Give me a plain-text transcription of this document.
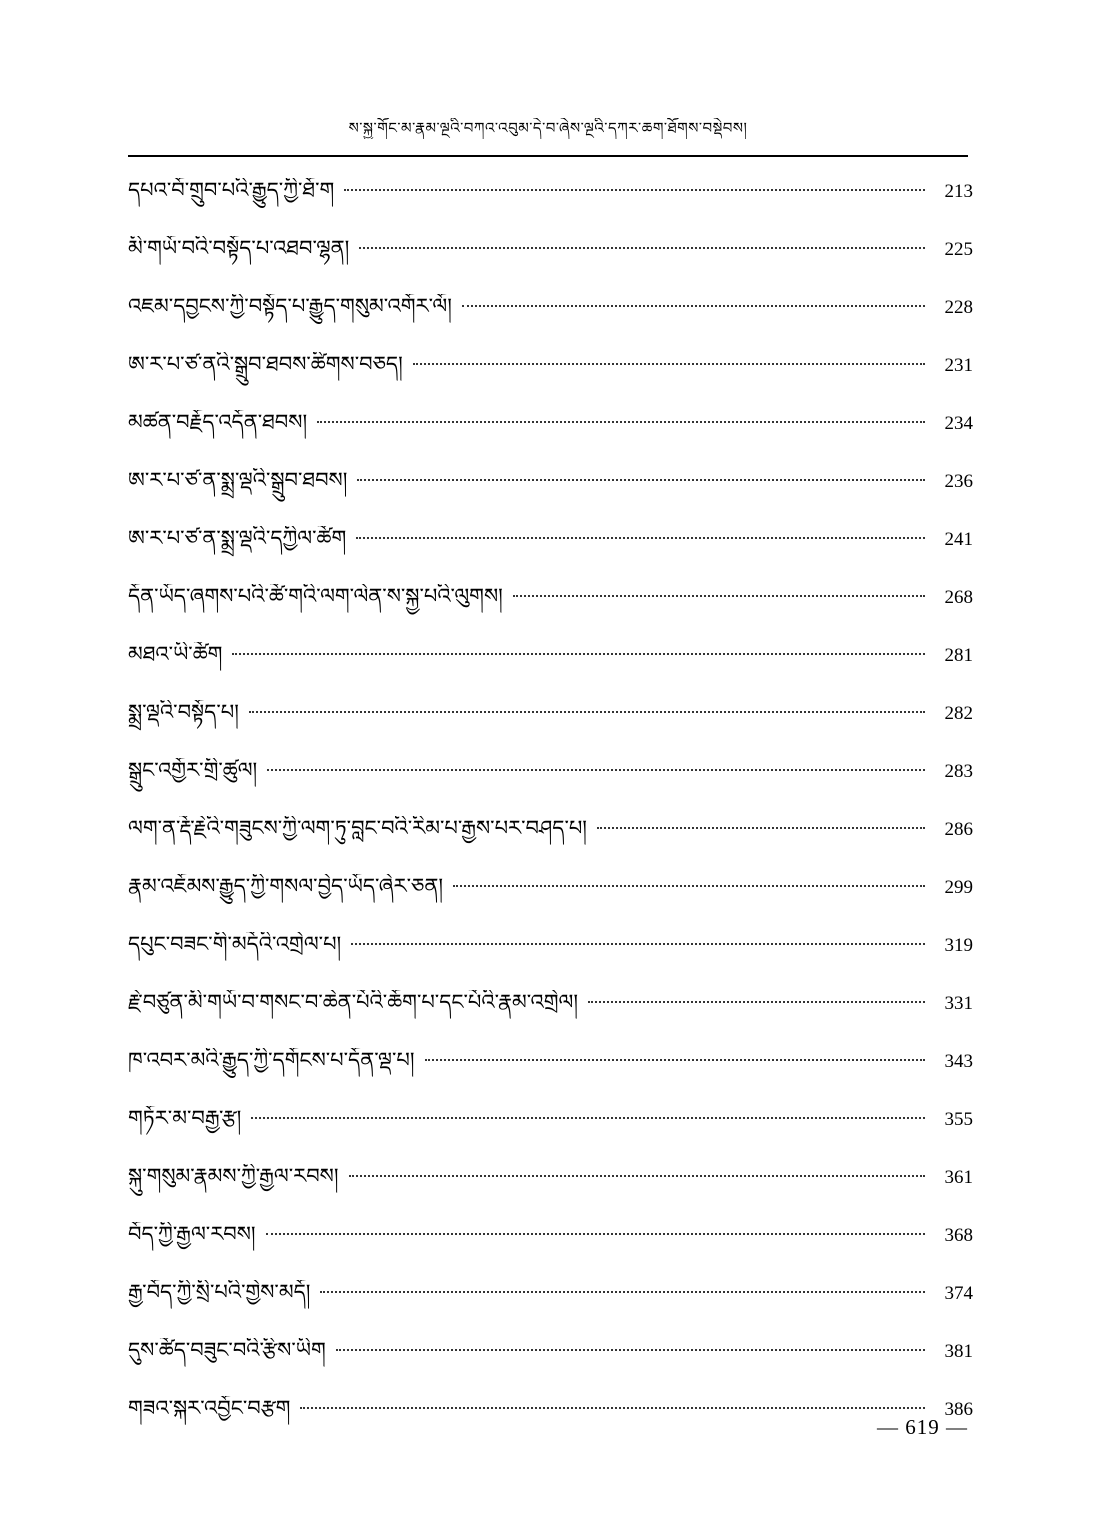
ས་སྐྱ་གོང་མ་རྣམ་ལྔའི་བཀའ་འབུམ་དེ་བ་ཞེས་ལྔའི་དཀར་ཆག་ཐོགས་བསྡེབས།
དཔའ་བོ་གྲུབ་པའི་རྒྱུད་ཀྱི་ཐོ་ག	213
མི་གཡོ་བའི་བསྟོད་པ་འཐབ་ལྷན།	225
འཇམ་དབྱངས་ཀྱི་བསྟོད་པ་རྒྱུད་གསུམ་འགོར་ལོ།	228
ཨ་ར་པ་ཙ་ནའི་སྒྲུབ་ཐབས་ཚིགས་བཅད།	231
མཚན་བརྗོད་འདོན་ཐབས།	234
ཨ་ར་པ་ཙ་ན་སྨྲ་ལྡའི་སྒྲུབ་ཐབས།	236
ཨ་ར་པ་ཙ་ན་སྨྲ་ལྡའི་དཀྱིལ་ཚོག	241
དོན་ཡོད་ཞགས་པའི་ཚོ་གའི་ལག་ལེན་ས་སྐྱ་པའི་ལུགས།	268
མཐའ་ཡི་ཚོག	281
སྨྲ་ལྡའི་བསྟོད་པ།	282
སྒྲུང་འགྱོར་གྲི་ཚུལ།	283
ལག་ན་རྡོ་རྗེའི་གཟུངས་ཀྱི་ལག་ཏུ་བླང་བའི་རིམ་པ་རྒྱས་པར་བཤད་པ།	286
རྣམ་འཇོམས་རྒྱུད་ཀྱི་གསལ་བྱེད་ཡོད་ཞེར་ཅན།	299
དཔུང་བཟང་གི་མདོའི་འགྲེལ་པ།	319
རྗེ་བཙུན་མི་གཡོ་བ་གསང་བ་ཆེན་པོའི་ཆོག་པ་དང་པོའི་རྣམ་འགྲེལ།	331
ཁ་འབར་མའི་རྒྱུད་ཀྱི་དགོངས་པ་དོན་ལྡ་པ།	343
གཏོར་མ་བརྒྱ་རྩ།	355
སྐུ་གསུམ་རྣམས་ཀྱི་རྒྱལ་རབས།	361
བོད་ཀྱི་རྒྱལ་རབས།	368
རྒྱ་བོད་ཀྱི་སྲི་པའི་གྱེས་མདོ།	374
དུས་ཚོད་བཟུང་བའི་རྩིས་ཡིག	381
གཟའ་སྐར་འབྱོང་བརྩག	386
— 619 —
